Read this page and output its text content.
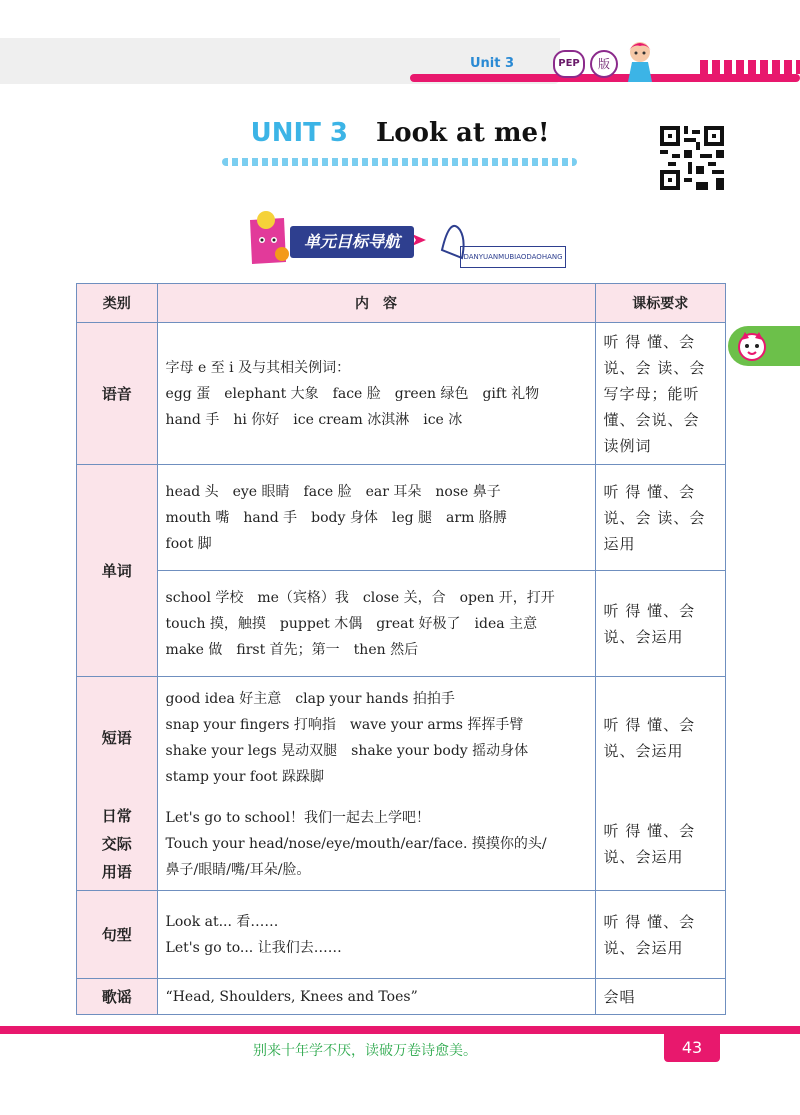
Unit 3	PEP	版
UNIT 3 Look at me!
单元目标导航
DANYUANMUBIAODAOHANG
类别	内　容	课标要求
语音	字母 e 至 i 及与其相关例词：
egg 蛋　elephant 大象　face 脸　green 绿色　gift 礼物
hand 手　hi 你好　ice cream 冰淇淋　ice 冰	听 得 懂、会
说、会 读、会
写字母；能听
懂、会说、会
读例词

单词	head 头　eye 眼睛　face 脸　ear 耳朵　nose 鼻子
mouth 嘴　hand 手　body 身体　leg 腿　arm 胳膊
foot 脚	听 得 懂、会
说、会 读、会
运用

	school 学校　me（宾格）我　close 关，合　open 开，打开
touch 摸，触摸　puppet 木偶　great 好极了　idea 主意
make 做　first 首先；第一　then 然后	听 得 懂、会
说、会运用

短语	good idea 好主意　clap your hands 拍拍手
snap your fingers 打响指　wave your arms 挥挥手臂
shake your legs 晃动双腿　shake your body 摇动身体
stamp your foot 跺跺脚	听 得 懂、会
说、会运用

日常
交际
用语	Let's go to school！我们一起去上学吧！
Touch your head/nose/eye/mouth/ear/face. 摸摸你的头/
鼻子/眼睛/嘴/耳朵/脸。	听 得 懂、会
说、会运用

句型	Look at... 看……
Let's go to... 让我们去……	听 得 懂、会
说、会运用

歌谣	“Head, Shoulders, Knees and Toes”	会唱
别来十年学不厌，读破万卷诗愈美。	43
